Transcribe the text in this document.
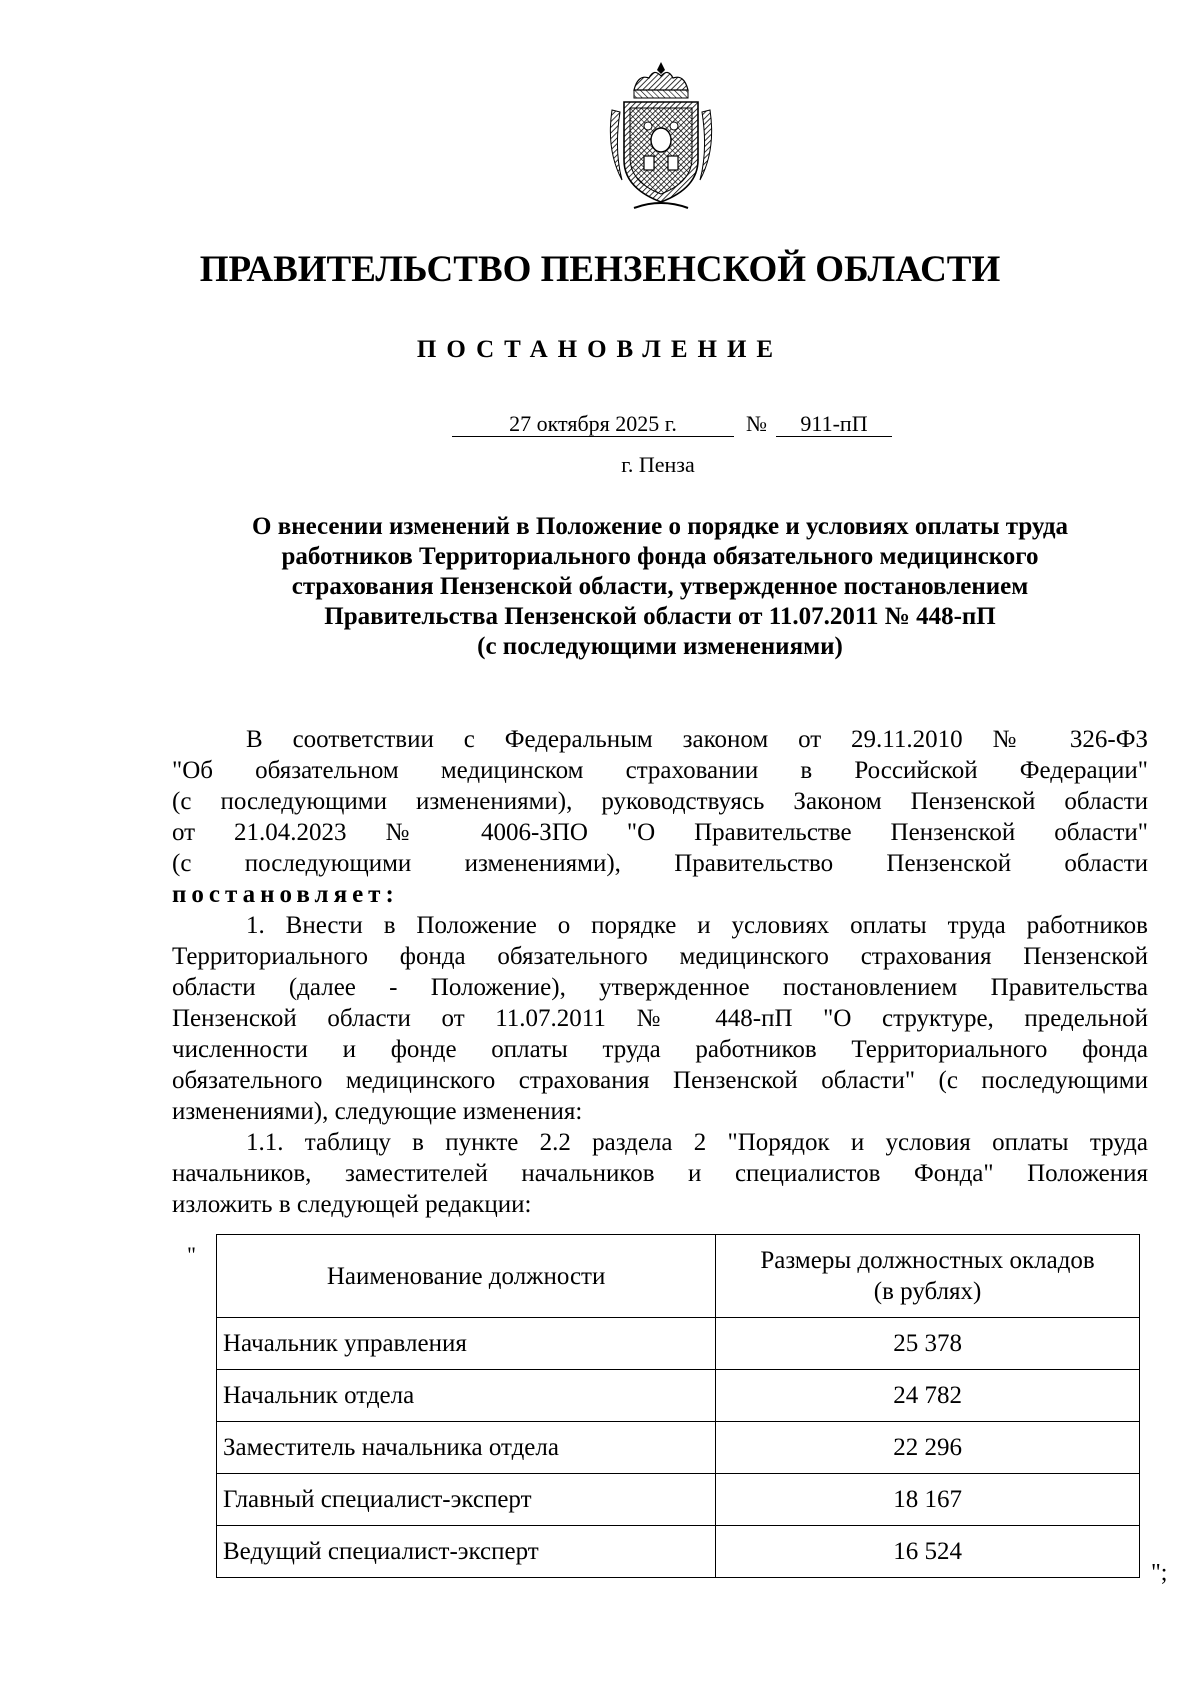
ПРАВИТЕЛЬСТВО ПЕНЗЕНСКОЙ ОБЛАСТИ
ПОСТАНОВЛЕНИЕ
27 октября 2025 г.	№	911-пП
г. Пенза
О внесении изменений в Положение о порядке и условиях оплаты труда
работников Территориального фонда обязательного медицинского
страхования Пензенской области, утвержденное постановлением
Правительства Пензенской области от 11.07.2011 № 448-пП
(с последующими изменениями)

В соответствии с Федеральным законом от 29.11.2010 № 326-ФЗ
"Об обязательном медицинском страховании в Российской Федерации"
(с последующими изменениями), руководствуясь Законом Пензенской области
от 21.04.2023 № 4006-ЗПО "О Правительстве Пензенской области"
(с последующими изменениями), Правительство Пензенской области
постановляет:

1. Внести в Положение о порядке и условиях оплаты труда работников
Территориального фонда обязательного медицинского страхования Пензенской
области (далее - Положение), утвержденное постановлением Правительства
Пензенской области от 11.07.2011 № 448-пП "О структуре, предельной
численности и фонде оплаты труда работников Территориального фонда
обязательного медицинского страхования Пензенской области" (с последующими
изменениями), следующие изменения:

1.1. таблицу в пункте 2.2 раздела 2 "Порядок и условия оплаты труда
начальников, заместителей начальников и специалистов Фонда" Положения
изложить в следующей редакции:

"
Наименование должности	Размеры должностных окладов (в рублях)
Начальник управления	25 378
Начальник отдела	24 782
Заместитель начальника отдела	22 296
Главный специалист-эксперт	18 167
Ведущий специалист-эксперт	16 524
";
